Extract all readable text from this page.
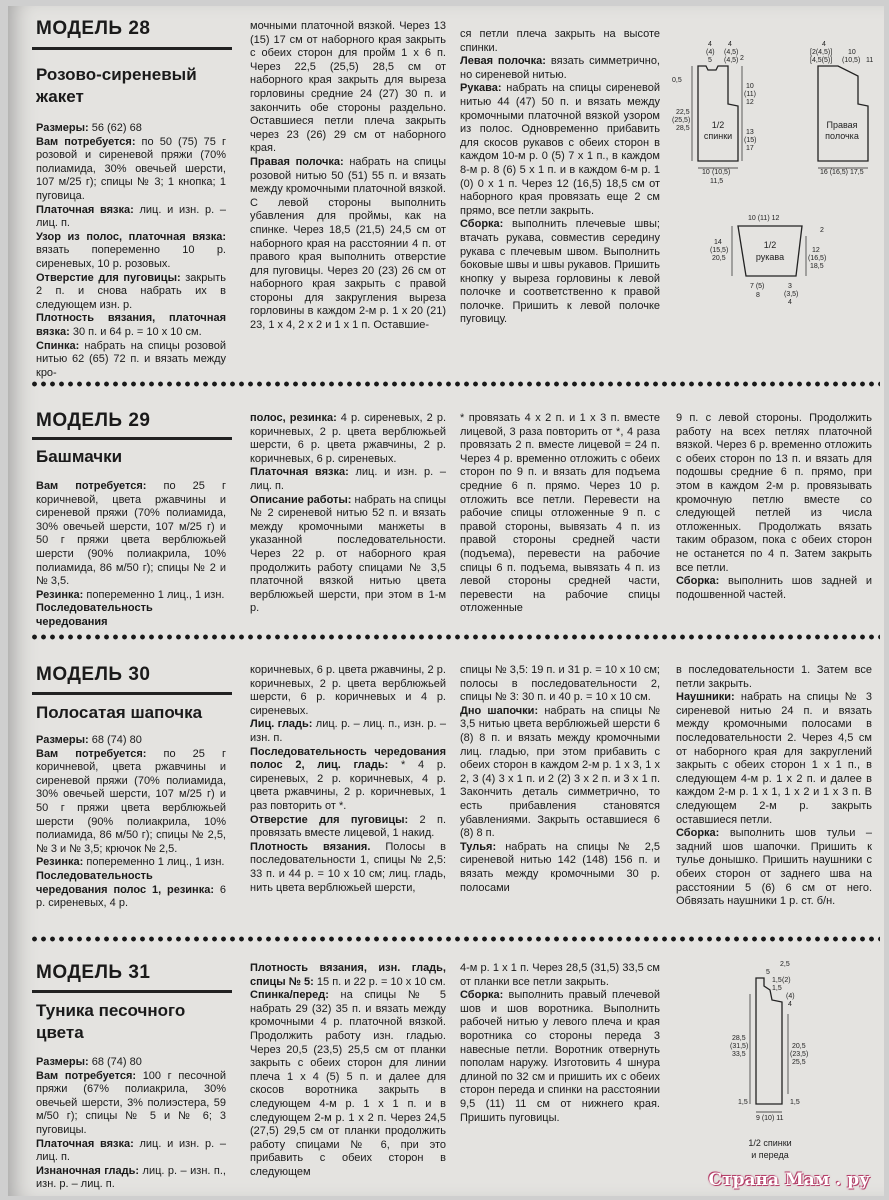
МОДЕЛЬ 28
Розово-сиреневый жакет

Размеры: 56 (62) 68

Вам потребуется: по 50 (75) 75 г розовой и сиреневой пряжи (70% полиамида, 30% овечьей шерсти, 107 м/25 г); спицы № 3; 1 кнопка; 1 пуговица.

Платочная вязка: лиц. и изн. р. – лиц. п.

Узор из полос, платочная вязка: вязать попеременно 10 р. сиреневых, 10 р. розовых.

Отверстие для пуговицы: закрыть 2 п. и снова набрать их в следующем изн. р.

Плотность вязания, платочная вязка: 30 п. и 64 р. = 10 х 10 см.

Спинка: набрать на спицы розовой нитью 62 (65) 72 п. и вязать между кро-

мочными платочной вязкой. Через 13 (15) 17 см от наборного края закрыть с обеих сторон для пройм 1 х 6 п. Через 22,5 (25,5) 28,5 см от наборного края закрыть для выреза горловины средние 24 (27) 30 п. и закончить обе стороны раздельно. Оставшиеся петли плеча закрыть через 23 (26) 29 см от наборного края.

Правая полочка: набрать на спицы розовой нитью 50 (51) 55 п. и вязать между кромочными платочной вязкой. С левой стороны выполнить убавления для проймы, как на спинке. Через 18,5 (21,5) 24,5 см от наборного края на расстоянии 4 п. от правого края выполнить отверстие для пуговицы. Через 20 (23) 26 см от наборного края закрыть с правой стороны для закругления выреза горловины в каждом 2-м р. 1 х 20 (21) 23, 1 х 4, 2 х 2 и 1 х 1 п. Оставшие-

ся петли плеча закрыть на высоте спинки.

Левая полочка: вязать симметрично, но сиреневой нитью.

Рукава: набрать на спицы сиреневой нитью 44 (47) 50 п. и вязать между кромочными платочной вязкой узором из полос. Одновременно прибавить для скосов рукавов с обеих сторон в каждом 10-м р. 0 (5) 7 х 1 п., в каждом 8-м р. 8 (6) 5 х 1 п. и в каждом 6-м р. 1 (0) 0 х 1 п. Через 12 (16,5) 18,5 см от наборного края провязать еще 2 см прямо, все петли закрыть.

Сборка: выполнить плечевые швы; втачать рукава, совместив середину рукава с плечевым швом. Выполнить боковые швы и швы рукавов. Пришить кнопку у выреза горловины к левой полочке и соответственно к правой полочке. Пришить к левой полочке пуговицу.

4
(4)
5
4
(4,5)
(4,5) 2
0,5
22,5
(25,5)
28,5
10
(11)
12
13
(15)
17
10 (10,5)
11,5
4
[2(4,5)]
[4,5(5)]
10
(10,5) 11
16 (16,5) 17,5
1/2
спинки
Правая
полочка
10 (11) 12
14
(15,5)
20,5
12
(16,5)
18,5
7 (5)
8
3
(3,5)
4
2
1/2
рукава
МОДЕЛЬ 29
Башмачки

Вам потребуется: по 25 г коричневой, цвета ржавчины и сиреневой пряжи (70% полиамида, 30% овечьей шерсти, 107 м/25 г) и 50 г пряжи цвета верблюжьей шерсти (90% полиакрила, 10% полиамида, 86 м/50 г); спицы № 2 и № 3,5.

Резинка: попеременно 1 лиц., 1 изн.

Последовательность чередования

полос, резинка: 4 р. сиреневых, 2 р. коричневых, 2 р. цвета верблюжьей шерсти, 6 р. цвета ржавчины, 2 р. коричневых, 6 р. сиреневых.

Платочная вязка: лиц. и изн. р. – лиц. п.

Описание работы: набрать на спицы № 2 сиреневой нитью 52 п. и вязать между кромочными манжеты в указанной последовательности. Через 22 р. от наборного края продолжить работу спицами № 3,5 платочной вязкой нитью цвета верблюжьей шерсти, при этом в 1-м р.

* провязать 4 х 2 п. и 1 х 3 п. вместе лицевой, 3 раза повторить от *, 4 раза провязать 2 п. вместе лицевой = 24 п. Через 4 р. временно отложить с обеих сторон по 9 п. и вязать для подъема средние 6 п. прямо. Через 10 р. отложить все петли. Перевести на рабочие спицы отложенные 9 п. с правой стороны, вывязать 4 п. из правой стороны средней части (подъема), перевести на рабочие спицы 6 п. подъема, вывязать 4 п. из левой стороны средней части, перевести на рабочие спицы отложенные

9 п. с левой стороны. Продолжить работу на всех петлях платочной вязкой. Через 6 р. временно отложить с обеих сторон по 13 п. и вязать для подошвы средние 6 п. прямо, при этом в каждом 2-м р. провязывать кромочную петлю вместе со следующей петлей из числа отложенных. Продолжать вязать таким образом, пока с обеих сторон не останется по 4 п. Затем закрыть все петли.

Сборка: выполнить шов задней и подошвенной частей.

МОДЕЛЬ 30
Полосатая шапочка

Размеры: 68 (74) 80

Вам потребуется: по 25 г коричневой, цвета ржавчины и сиреневой пряжи (70% полиамида, 30% овечьей шерсти, 107 м/25 г) и 50 г пряжи цвета верблюжьей шерсти (90% полиакрила, 10% полиамида, 86 м/50 г); спицы № 2,5, № 3 и № 3,5; крючок № 2,5.

Резинка: попеременно 1 лиц., 1 изн.

Последовательность чередования полос 1, резинка: 6 р. сиреневых, 4 р.

коричневых, 6 р. цвета ржавчины, 2 р. коричневых, 2 р. цвета верблюжьей шерсти, 6 р. коричневых и 4 р. сиреневых.

Лиц. гладь: лиц. р. – лиц. п., изн. р. – изн. п.

Последовательность чередования полос 2, лиц. гладь: * 4 р. сиреневых, 2 р. коричневых, 4 р. цвета ржавчины, 2 р. коричневых, 1 раз повторить от *.

Отверстие для пуговицы: 2 п. провязать вместе лицевой, 1 накид.

Плотность вязания. Полосы в последовательности 1, спицы № 2,5: 33 п. и 44 р. = 10 х 10 см; лиц. гладь, нить цвета верблюжьей шерсти,

спицы № 3,5: 19 п. и 31 р. = 10 х 10 см; полосы в последовательности 2, спицы № 3: 30 п. и 40 р. = 10 х 10 см.

Дно шапочки: набрать на спицы № 3,5 нитью цвета верблюжьей шерсти 6 (8) 8 п. и вязать между кромочными лиц. гладью, при этом прибавить с обеих сторон в каждом 2-м р. 1 х 3, 1 х 2, 3 (4) 3 х 1 п. и 2 (2) 3 х 2 п. и 3 х 1 п. Закончить деталь симметрично, то есть прибавления становятся убавлениями. Закрыть оставшиеся 6 (8) 8 п.

Тулья: набрать на спицы № 2,5 сиреневой нитью 142 (148) 156 п. и вязать между кромочными 30 р. полосами

в последовательности 1. Затем все петли закрыть.

Наушники: набрать на спицы № 3 сиреневой нитью 24 п. и вязать между кромочными полосами в последовательности 2. Через 4,5 см от наборного края для закруглений закрыть с обеих сторон 1 х 1 п., в следующем 4-м р. 1 х 2 п. и далее в каждом 2-м р. 1 х 1, 1 х 2 и 1 х 3 п. В следующем 2-м р. закрыть оставшиеся петли.

Сборка: выполнить шов тульи – задний шов шапочки. Пришить к тулье донышко. Пришить наушники с обеих сторон от заднего шва на расстоянии 5 (6) 6 см от него. Обвязать наушники 1 р. ст. б/н.

МОДЕЛЬ 31
Туника песочного цвета

Размеры: 68 (74) 80

Вам потребуется: 100 г песочной пряжи (67% полиакрила, 30% овечьей шерсти, 3% полиэстера, 59 м/50 г); спицы № 5 и № 6; 3 пуговицы.

Платочная вязка: лиц. и изн. р. – лиц. п.

Изнаночная гладь: лиц. р. – изн. п., изн. р. – лиц. п.

Плотность вязания, изн. гладь, спицы № 5: 15 п. и 22 р. = 10 х 10 см.

Спинка/перед: на спицы № 5 набрать 29 (32) 35 п. и вязать между кромочными 4 р. платочной вязкой. Продолжить работу изн. гладью. Через 20,5 (23,5) 25,5 см от планки закрыть с обеих сторон для линии плеча 1 х 4 (5) 5 п. и далее для скосов воротника закрыть в следующем 4-м р. 1 х 1 п. и в следующем 2-м р. 1 х 2 п. Через 24,5 (27,5) 29,5 см от планки продолжить работу спицами № 6, при это прибавить с обеих сторон в следующем

4-м р. 1 х 1 п. Через 28,5 (31,5) 33,5 см от планки все петли закрыть.

Сборка: выполнить правый плечевой шов и шов воротника. Выполнить рабочей нитью у левого плеча и края воротника со стороны переда 3 навесные петли. Воротник отвернуть пополам наружу. Изготовить 4 шнура длиной по 32 см и пришить их с обеих сторон переда и спинки на расстоянии 9,5 (11) 11 см от нижнего края. Пришить пуговицы.

2,5
5
1,5 (2)
1,5
(4)
4
28,5
(31,5)
33,5
20,5
(23,5)
25,5
1,5	1,5
9 (10) 11
1/2 спинки
и переда
Страна Мам . ру
